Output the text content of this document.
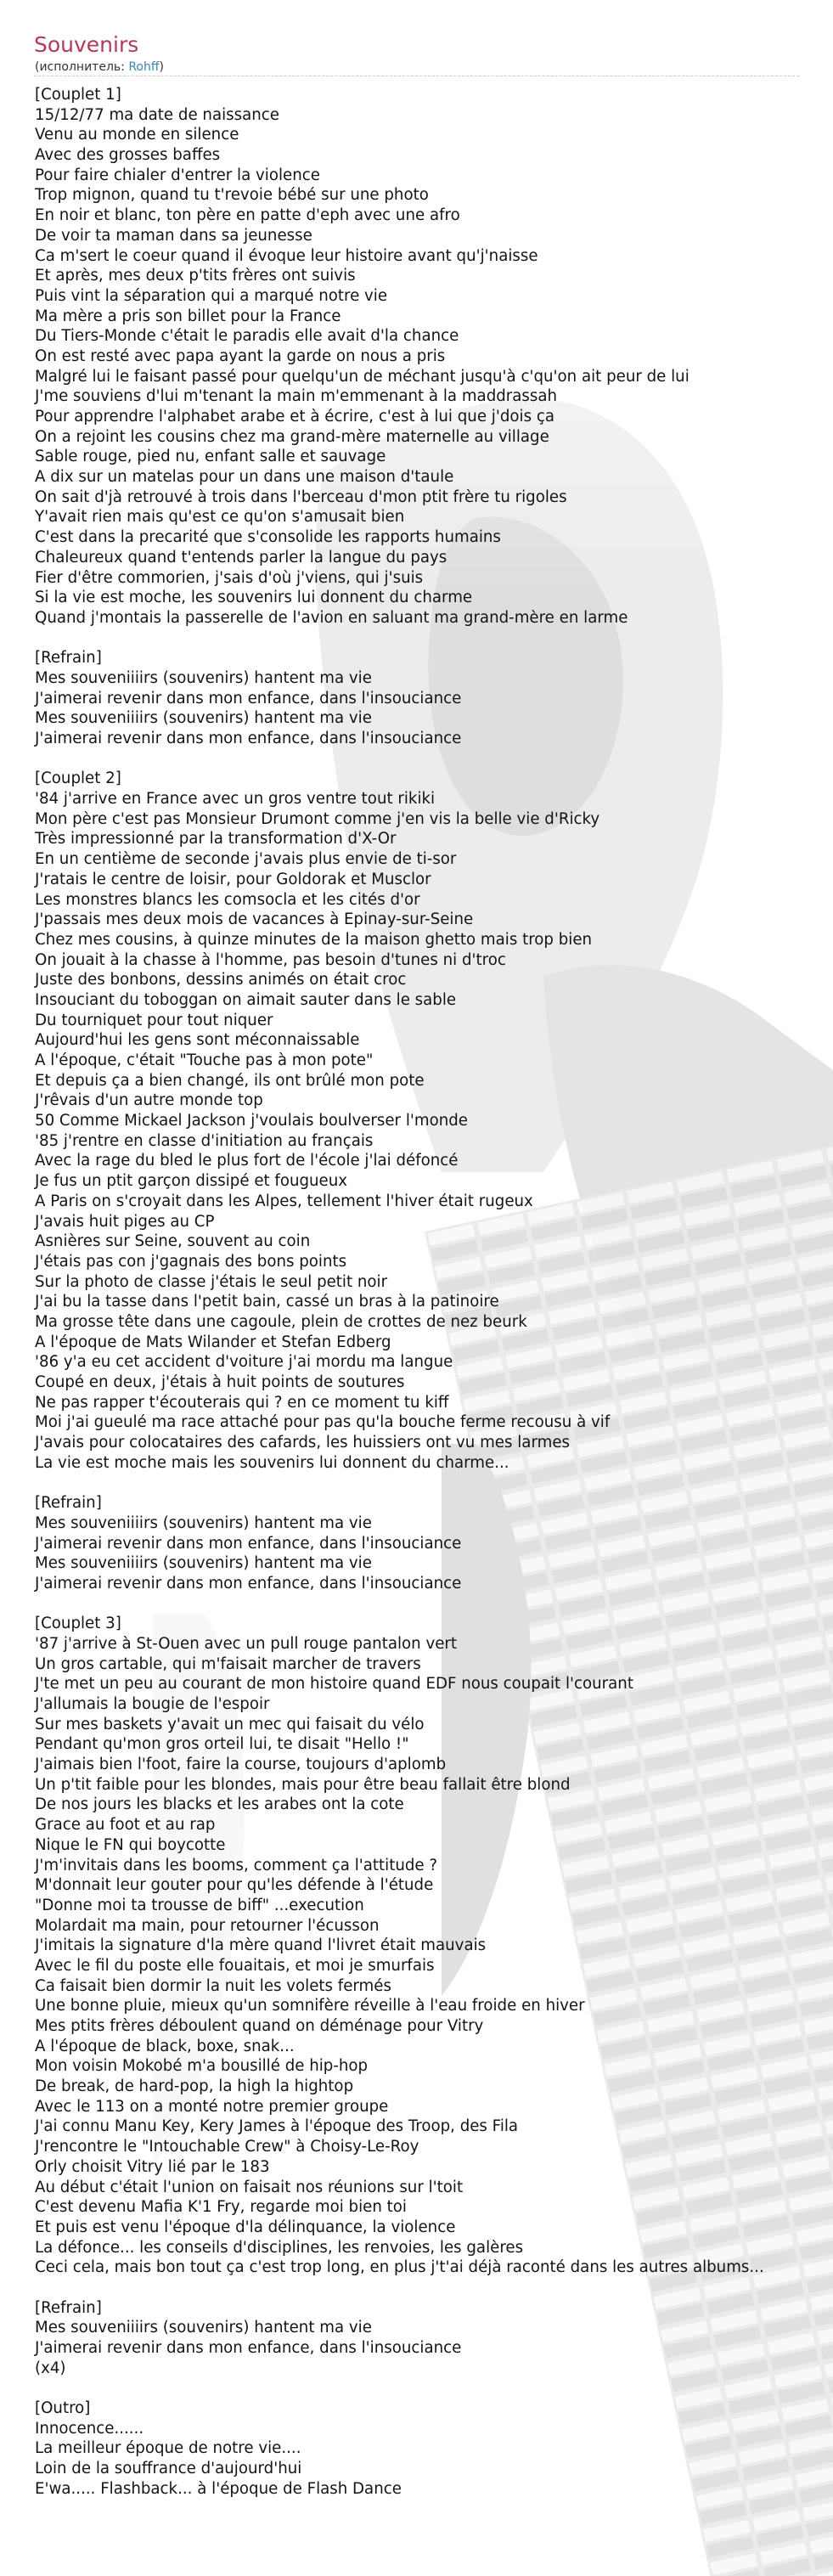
Souvenirs
(исполнитель: Rohff)
[Couplet 1]
15/12/77 ma date de naissance
Venu au monde en silence
Avec des grosses baffes
Pour faire chialer d'entrer la violence
Trop mignon, quand tu t'revoie bébé sur une photo
En noir et blanc, ton père en patte d'eph avec une afro
De voir ta maman dans sa jeunesse
Ca m'sert le coeur quand il évoque leur histoire avant qu'j'naisse
Et après, mes deux p'tits frères ont suivis
Puis vint la séparation qui a marqué notre vie
Ma mère a pris son billet pour la France
Du Tiers-Monde c'était le paradis elle avait d'la chance
On est resté avec papa ayant la garde on nous a pris
Malgré lui le faisant passé pour quelqu'un de méchant jusqu'à c'qu'on ait peur de lui
J'me souviens d'lui m'tenant la main m'emmenant à la maddrassah
Pour apprendre l'alphabet arabe et à écrire, c'est à lui que j'dois ça
On a rejoint les cousins chez ma grand-mère maternelle au village
Sable rouge, pied nu, enfant salle et sauvage
A dix sur un matelas pour un dans une maison d'taule
On sait d'jà retrouvé à trois dans l'berceau d'mon ptit frère tu rigoles
Y'avait rien mais qu'est ce qu'on s'amusait bien
C'est dans la precarité que s'consolide les rapports humains
Chaleureux quand t'entends parler la langue du pays
Fier d'être commorien, j'sais d'où j'viens, qui j'suis
Si la vie est moche, les souvenirs lui donnent du charme
Quand j'montais la passerelle de l'avion en saluant ma grand-mère en larme
[Refrain]
Mes souveniiiirs (souvenirs) hantent ma vie
J'aimerai revenir dans mon enfance, dans l'insouciance
Mes souveniiiirs (souvenirs) hantent ma vie
J'aimerai revenir dans mon enfance, dans l'insouciance
[Couplet 2]
'84 j'arrive en France avec un gros ventre tout rikiki
Mon père c'est pas Monsieur Drumont comme j'en vis la belle vie d'Ricky
Très impressionné par la transformation d'X-Or
En un centième de seconde j'avais plus envie de ti-sor
J'ratais le centre de loisir, pour Goldorak et Musclor
Les monstres blancs les comsocla et les cités d'or
J'passais mes deux mois de vacances à Epinay-sur-Seine
Chez mes cousins, à quinze minutes de la maison ghetto mais trop bien
On jouait à la chasse à l'homme, pas besoin d'tunes ni d'troc
Juste des bonbons, dessins animés on était croc
Insouciant du toboggan on aimait sauter dans le sable
Du tourniquet pour tout niquer
Aujourd'hui les gens sont méconnaissable
A l'époque, c'était "Touche pas à mon pote"
Et depuis ça a bien changé, ils ont brûlé mon pote
J'rêvais d'un autre monde top
50 Comme Mickael Jackson j'voulais boulverser l'monde
'85 j'rentre en classe d'initiation au français
Avec la rage du bled le plus fort de l'école j'lai défoncé
Je fus un ptit garçon dissipé et fougueux
A Paris on s'croyait dans les Alpes, tellement l'hiver était rugeux
J'avais huit piges au CP
Asnières sur Seine, souvent au coin
J'étais pas con j'gagnais des bons points
Sur la photo de classe j'étais le seul petit noir
J'ai bu la tasse dans l'petit bain, cassé un bras à la patinoire
Ma grosse tête dans une cagoule, plein de crottes de nez beurk
A l'époque de Mats Wilander et Stefan Edberg
'86 y'a eu cet accident d'voiture j'ai mordu ma langue
Coupé en deux, j'étais à huit points de soutures
Ne pas rapper t'écouterais qui ? en ce moment tu kiff
Moi j'ai gueulé ma race attaché pour pas qu'la bouche ferme recousu à vif
J'avais pour colocataires des cafards, les huissiers ont vu mes larmes
La vie est moche mais les souvenirs lui donnent du charme...
[Refrain]
Mes souveniiiirs (souvenirs) hantent ma vie
J'aimerai revenir dans mon enfance, dans l'insouciance
Mes souveniiiirs (souvenirs) hantent ma vie
J'aimerai revenir dans mon enfance, dans l'insouciance
[Couplet 3]
'87 j'arrive à St-Ouen avec un pull rouge pantalon vert
Un gros cartable, qui m'faisait marcher de travers
J'te met un peu au courant de mon histoire quand EDF nous coupait l'courant
J'allumais la bougie de l'espoir
Sur mes baskets y'avait un mec qui faisait du vélo
Pendant qu'mon gros orteil lui, te disait "Hello !"
J'aimais bien l'foot, faire la course, toujours d'aplomb
Un p'tit faible pour les blondes, mais pour être beau fallait être blond
De nos jours les blacks et les arabes ont la cote
Grace au foot et au rap
Nique le FN qui boycotte
J'm'invitais dans les booms, comment ça l'attitude ?
M'donnait leur gouter pour qu'les défende à l'étude
"Donne moi ta trousse de biff" ...execution
Molardait ma main, pour retourner l'écusson
J'imitais la signature d'la mère quand l'livret était mauvais
Avec le fil du poste elle fouaitais, et moi je smurfais
Ca faisait bien dormir la nuit les volets fermés
Une bonne pluie, mieux qu'un somnifère réveille à l'eau froide en hiver
Mes ptits frères déboulent quand on déménage pour Vitry
A l'époque de black, boxe, snak...
Mon voisin Mokobé m'a bousillé de hip-hop
De break, de hard-pop, la high la hightop
Avec le 113 on a monté notre premier groupe
J'ai connu Manu Key, Kery James à l'époque des Troop, des Fila
J'rencontre le "Intouchable Crew" à Choisy-Le-Roy
Orly choisit Vitry lié par le 183
Au début c'était l'union on faisait nos réunions sur l'toit
C'est devenu Mafia K'1 Fry, regarde moi bien toi
Et puis est venu l'époque d'la délinquance, la violence
La défonce... les conseils d'disciplines, les renvoies, les galères
Ceci cela, mais bon tout ça c'est trop long, en plus j't'ai déjà raconté dans les autres albums...
[Refrain]
Mes souveniiiirs (souvenirs) hantent ma vie
J'aimerai revenir dans mon enfance, dans l'insouciance
(x4)
[Outro]
Innocence......
La meilleur époque de notre vie....
Loin de la souffrance d'aujourd'hui
E'wa..... Flashback... à l'époque de Flash Dance
